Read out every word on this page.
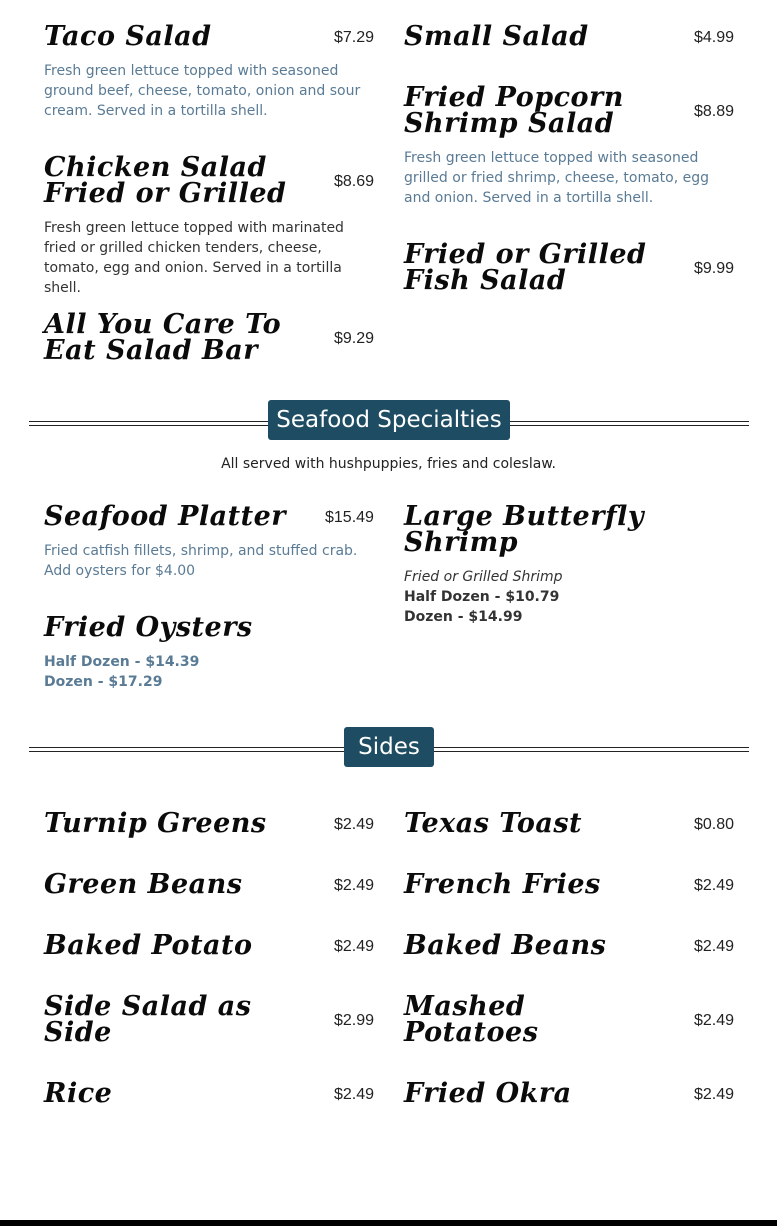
Taco Salad	$7.29
Fresh green lettuce topped with seasoned ground beef, cheese, tomato, onion and sour cream. Served in a tortilla shell.
Chicken Salad Fried or Grilled	$8.69
Fresh green lettuce topped with marinated fried or grilled chicken tenders, cheese, tomato, egg and onion. Served in a tortilla shell.
All You Care To Eat Salad Bar	$9.29
Small Salad	$4.99
Fried Popcorn Shrimp Salad	$8.89
Fresh green lettuce topped with seasoned grilled or fried shrimp, cheese, tomato, egg and onion. Served in a tortilla shell.
Fried or Grilled Fish Salad	$9.99
Seafood Specialties
All served with hushpuppies, fries and coleslaw.
Seafood Platter	$15.49
Fried catfish fillets, shrimp, and stuffed crab. Add oysters for $4.00
Fried Oysters
Half Dozen - $14.39
Dozen - $17.29
Large Butterfly Shrimp
Fried or Grilled Shrimp
Half Dozen - $10.79
Dozen - $14.99
Sides
Turnip Greens	$2.49
Green Beans	$2.49
Baked Potato	$2.49
Side Salad as Side	$2.99
Rice	$2.49
Texas Toast	$0.80
French Fries	$2.49
Baked Beans	$2.49
Mashed Potatoes	$2.49
Fried Okra	$2.49
